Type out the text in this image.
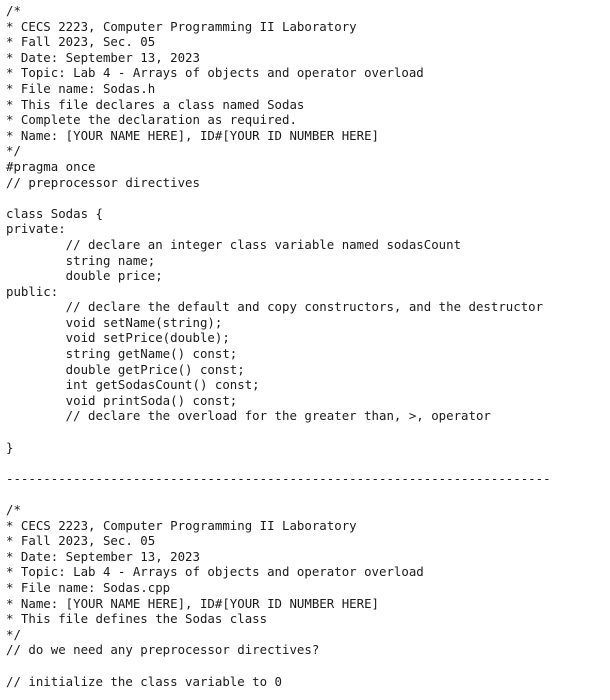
/*
* CECS 2223, Computer Programming II Laboratory
* Fall 2023, Sec. 05
* Date: September 13, 2023
* Topic: Lab 4 - Arrays of objects and operator overload
* File name: Sodas.h
* This file declares a class named Sodas
* Complete the declaration as required.
* Name: [YOUR NAME HERE], ID#[YOUR ID NUMBER HERE]
*/
#pragma once
// preprocessor directives
class Sodas {
private:
// declare an integer class variable named sodasCount
string name;
double price;
public:
// declare the default and copy constructors, and the destructor
void setName(string);
void setPrice(double);
string getName() const;
double getPrice() const;
int getSodasCount() const;
void printSoda() const;
// declare the overload for the greater than, >, operator
}
-------------------------------------------------------------------------
/*
* CECS 2223, Computer Programming II Laboratory
* Fall 2023, Sec. 05
* Date: September 13, 2023
* Topic: Lab 4 - Arrays of objects and operator overload
* File name: Sodas.cpp
* Name: [YOUR NAME HERE], ID#[YOUR ID NUMBER HERE]
* This file defines the Sodas class
*/
// do we need any preprocessor directives?
// initialize the class variable to 0
